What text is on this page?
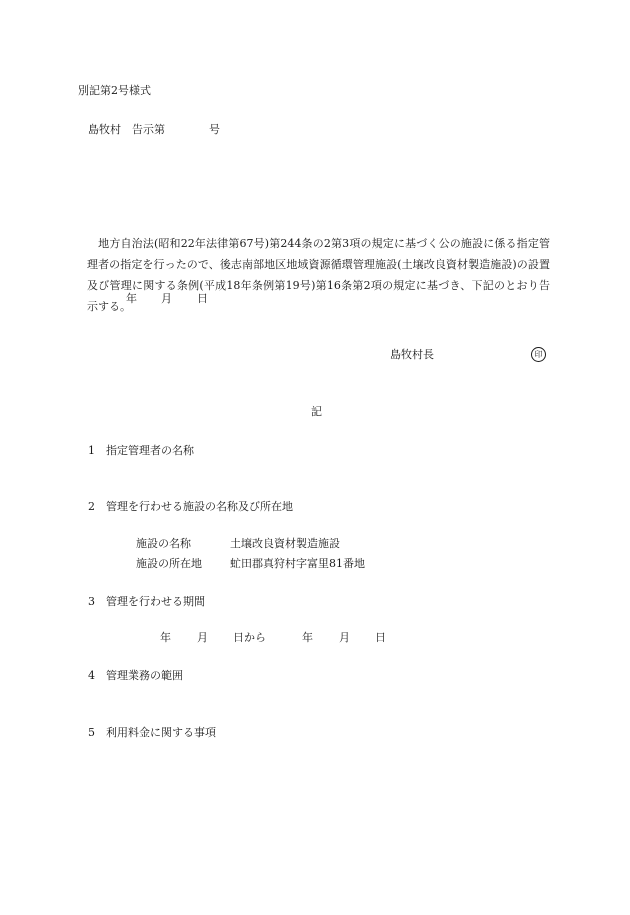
別記第2号様式
島牧村　告示第　　　　号
　地方自治法(昭和22年法律第67号)第244条の2第3項の規定に基づく公の施設に係る指定管理者の指定を行ったので、後志南部地区地域資源循環管理施設(土壌改良資材製造施設)の設置及び管理に関する条例(平成18年条例第19号)第16条第2項の規定に基づき、下記のとおり告示する。
年 月 日
島牧村長	印
記
1 指定管理者の名称
2 管理を行わせる施設の名称及び所在地
施設の名称	土壌改良資材製造施設
施設の所在地	虻田郡真狩村字富里81番地
3 管理を行わせる期間
年 月 日から	年 月 日
4 管理業務の範囲
5 利用料金に関する事項
